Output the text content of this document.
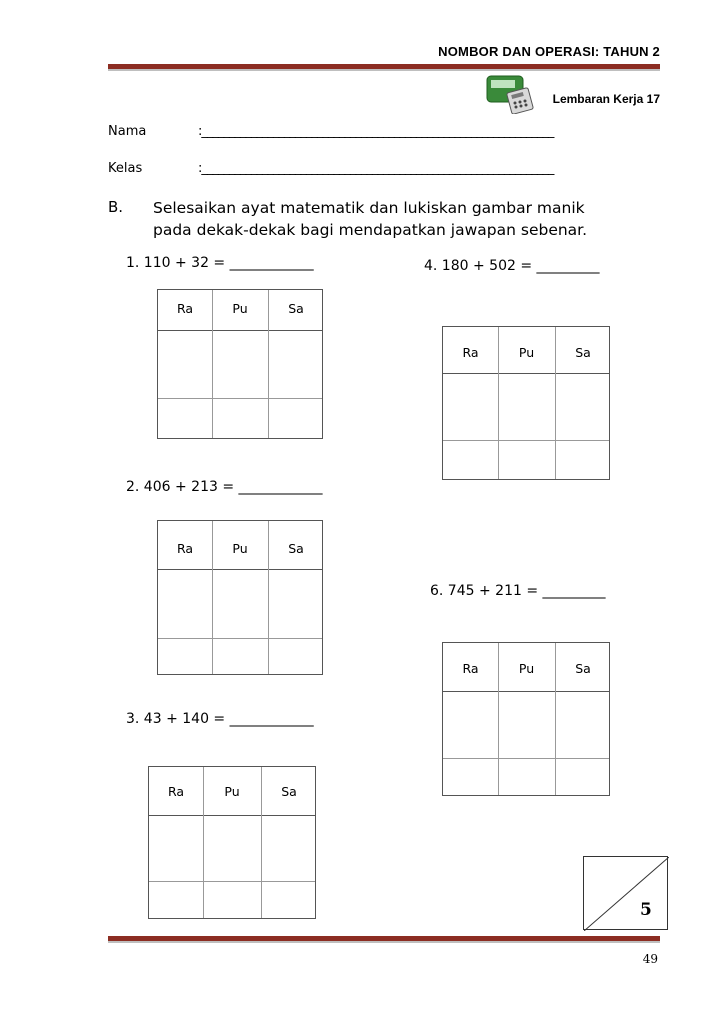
NOMBOR DAN OPERASI: TAHUN 2
Lembaran Kerja 17
Nama	:________________________________________________________________
Kelas	:________________________________________________________________
B. Selesaikan ayat matematik dan lukiskan gambar manik
pada dekak-dekak bagi mendapatkan jawapan sebenar.
1. 110 + 32 = ____________
2. 406 + 213 = ____________
3. 43 + 140 = ____________
4. 180 + 502 = _________
6. 745 + 211 = _________
Ra	Pu	Sa
Ra	Pu	Sa
Ra	Pu	Sa
Ra	Pu	Sa
Ra	Pu	Sa
5
49
